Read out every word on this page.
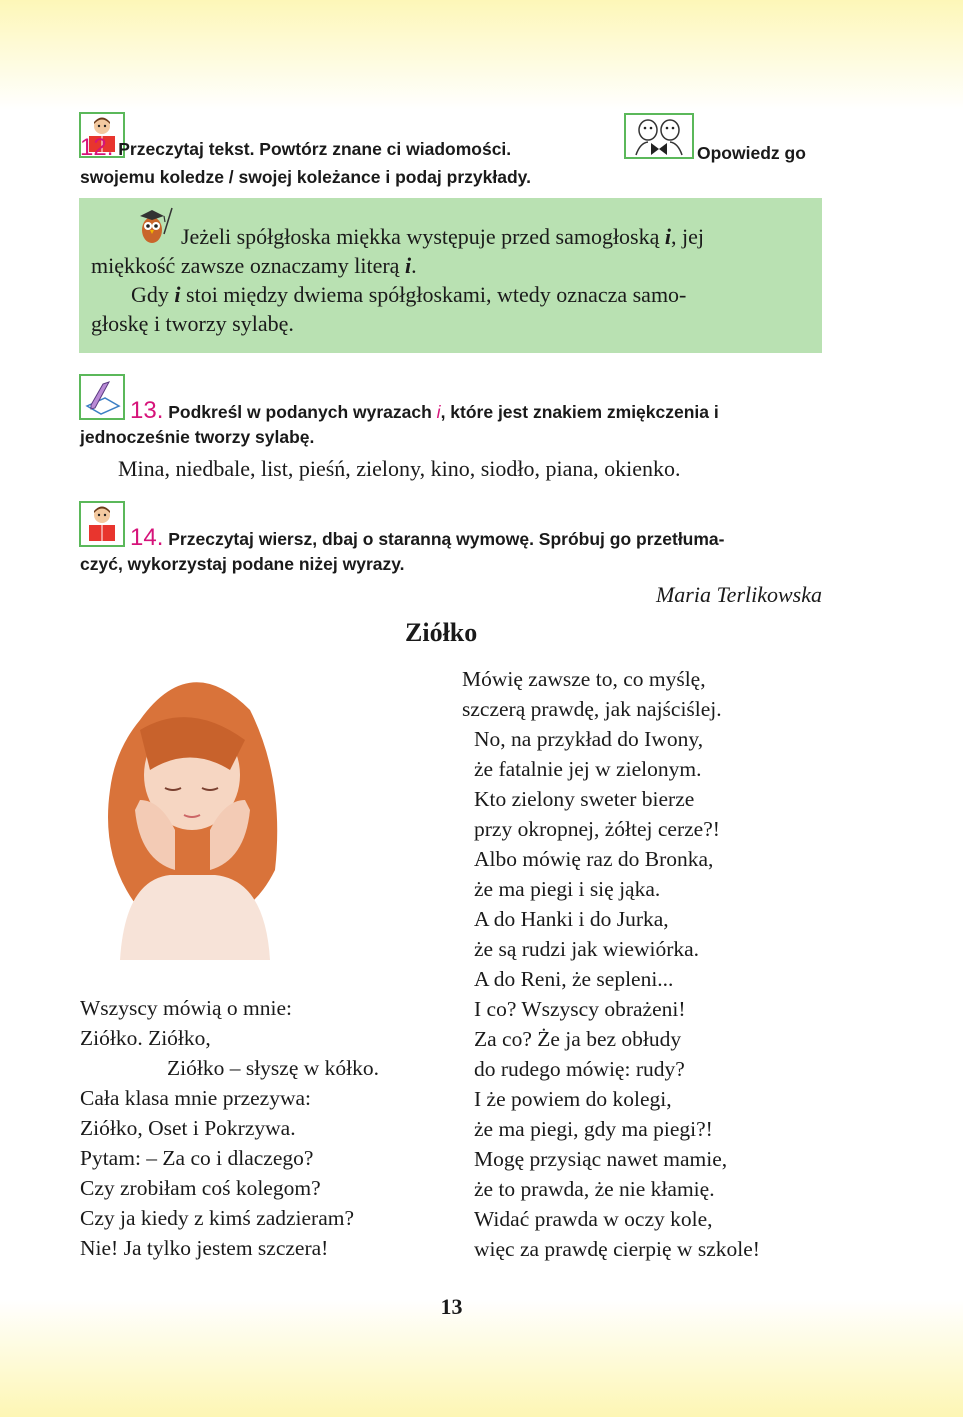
12. Przeczytaj tekst. Powtórz znane ci wiadomości.	Opowiedz go
swojemu koledze / swojej koleżance i podaj przykłady.

Jeżeli spółgłoska miękka występuje przed samogłoską i, jej
miękkość zawsze oznaczamy literą i.

Gdy i stoi między dwiema spółgłoskami, wtedy oznacza samo-

głoskę i tworzy sylabę.

13. Podkreśl w podanych wyrazach i, które jest znakiem zmiękczenia i
jednocześnie tworzy sylabę.
Mina, niedbale, list, pieśń, zielony, kino, siodło, piana, okienko.
14. Przeczytaj wiersz, dbaj o staranną wymowę. Spróbuj go przetłuma-
czyć, wykorzystaj podane niżej wyrazy.
Maria Terlikowska
Ziółko
Wszyscy mówią o mnie:
Ziółko. Ziółko,
Ziółko – słyszę w kółko.
Cała klasa mnie przezywa:
Ziółko, Oset i Pokrzywa.
Pytam: – Za co i dlaczego?
Czy zrobiłam coś kolegom?
Czy ja kiedy z kimś zadzieram?
Nie! Ja tylko jestem szczera!
Mówię zawsze to, co myślę,
szczerą prawdę, jak najściślej.
No, na przykład do Iwony,
że fatalnie jej w zielonym.
Kto zielony sweter bierze
przy okropnej, żółtej cerze?!
Albo mówię raz do Bronka,
że ma piegi i się jąka.
A do Hanki i do Jurka,
że są rudzi jak wiewiórka.
A do Reni, że sepleni...
I co? Wszyscy obrażeni!
Za co? Że ja bez obłudy
do rudego mówię: rudy?
I że powiem do kolegi,
że ma piegi, gdy ma piegi?!
Mogę przysiąc nawet mamie,
że to prawda, że nie kłamię.
Widać prawda w oczy kole,
więc za prawdę cierpię w szkole!
13
